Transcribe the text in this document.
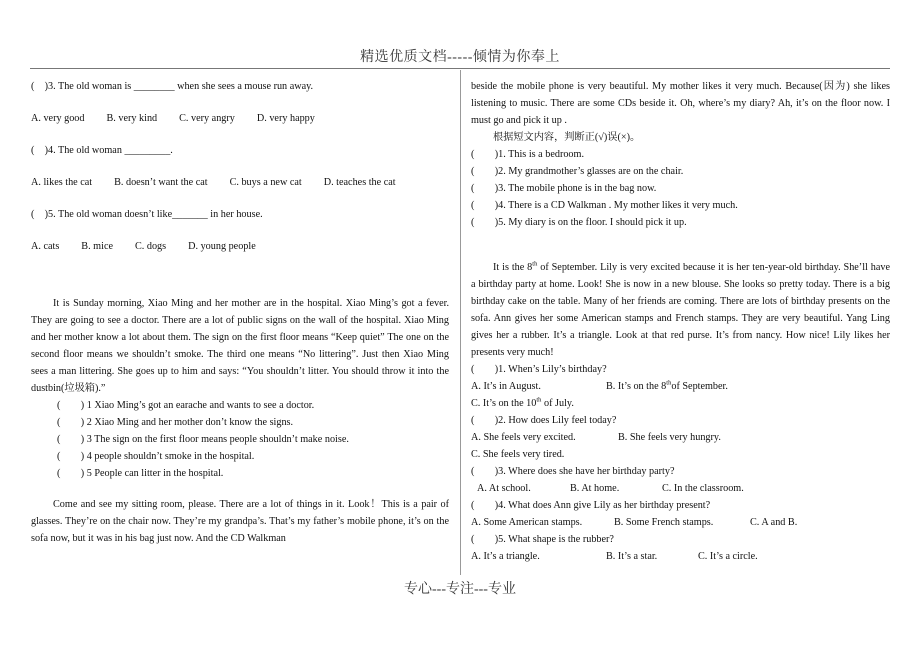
精选优质文档-----倾情为你奉上

(　)3. The old woman is ________ when she sees a mouse run away.

A. very good B. very kind C. very angry D. very happy

(　)4. The old woman _________.

A. likes the cat B. doesn’t want the cat C. buys a new cat D. teaches the cat

(　)5. The old woman doesn’t like_______ in her house.

A. cats B. mice C. dogs D. young people

It is Sunday morning, Xiao Ming and her mother are in the hospital. Xiao Ming’s got a fever. They are going to see a doctor. There are a lot of public signs on the wall of the hospital. Xiao Ming and her mother know a lot about them. The sign on the first floor means “Keep quiet” The one on the second floor means we shouldn’t smoke. The third one means “No littering”. Just then Xiao Ming sees a man littering. She goes up to him and says: “You shouldn’t litter. You should throw it into the dustbin(垃圾箱).”

(　　) 1 Xiao Ming’s got an earache and wants to see a doctor.

(　　) 2 Xiao Ming and her mother don’t know the signs.

(　　) 3 The sign on the first floor means people shouldn’t make noise.

(　　) 4 people shouldn’t smoke in the hospital.

(　　) 5 People can litter in the hospital.

Come and see my sitting room, please. There are a lot of things in it. Look！This is a pair of glasses. They’re on the chair now. They’re my grandpa’s. That’s my father’s mobile phone, it’s on the sofa now, but it was in his bag just now. And the CD Walkman

beside the mobile phone is very beautiful. My mother likes it very much. Because(因为) she likes listening to music. There are some CDs beside it. Oh, where’s my diary? Ah, it’s on the floor now. I must go and pick it up .

根据短文内容，判断正(√)误(×)。

(　　)1. This is a bedroom.

(　　)2. My grandmother’s glasses are on the chair.

(　　)3. The mobile phone is in the bag now.

(　　)4. There is a CD Walkman . My mother likes it very much.

(　　)5. My diary is on the floor. I should pick it up.

It is the 8th of September. Lily is very excited because it is her ten-year-old birthday. She’ll have a birthday party at home. Look! She is now in a new blouse. She looks so pretty today. There is a big birthday cake on the table. Many of her friends are coming. There are lots of birthday presents on the sofa. Ann gives her some American stamps and French stamps. They are very beautiful. Yang Ling gives her a rubber. It’s a triangle. Look at that red purse. It’s from nancy. How nice! Lily likes her presents very much!

(　　)1. When’s Lily’s birthday?

A. It’s in August.	B. It’s on the 8thof September.

C. It’s on the 10th of July.

(　　)2. How does Lily feel today?

A. She feels very excited.	B. She feels very hungry.

C. She feels very tired.

(　　)3. Where does she have her birthday party?

A. At school.	B. At home.	C. In the classroom.

(　　)4. What does Ann give Lily as her birthday present?

A. Some American stamps.	B. Some French stamps.	C. A and B.

(　　)5. What shape is the rubber?

A. It’s a triangle.	B. It’s a star.	C. It’s a circle.

专心---专注---专业
